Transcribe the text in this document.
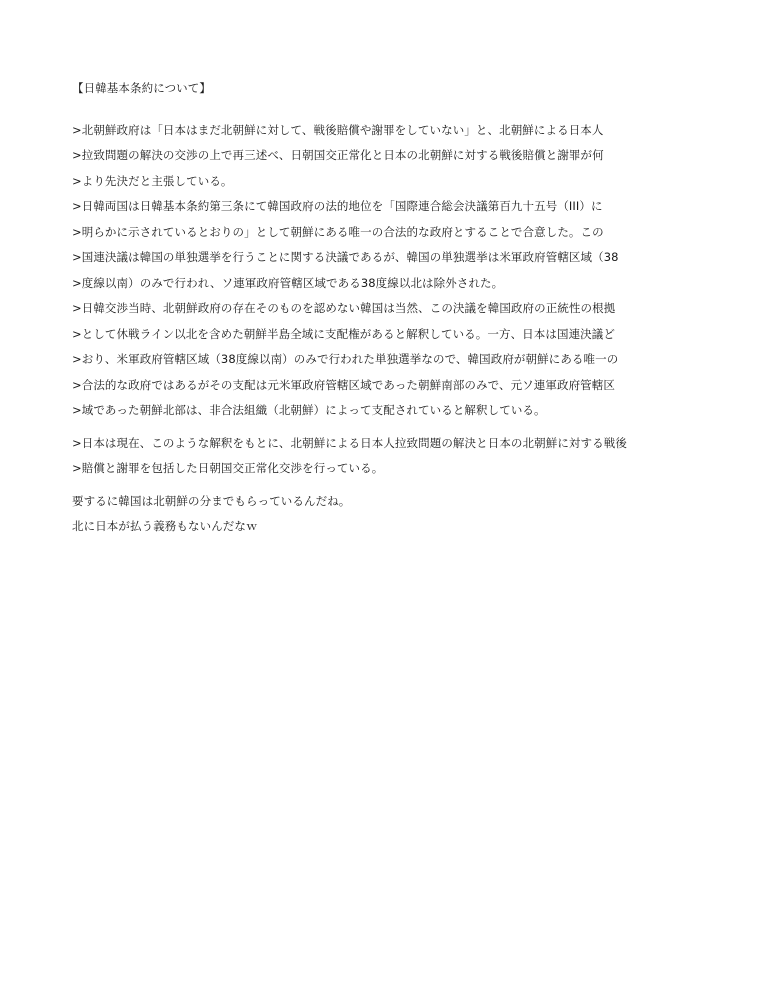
【日韓基本条約について】
>北朝鮮政府は「日本はまだ北朝鮮に対して、戦後賠償や謝罪をしていない」と、北朝鮮による日本人
>拉致問題の解決の交渉の上で再三述べ、日朝国交正常化と日本の北朝鮮に対する戦後賠償と謝罪が何
>より先決だと主張している。
>日韓両国は日韓基本条約第三条にて韓国政府の法的地位を「国際連合総会決議第百九十五号（III）に
>明らかに示されているとおりの」として朝鮮にある唯一の合法的な政府とすることで合意した。この
>国連決議は韓国の単独選挙を行うことに関する決議であるが、韓国の単独選挙は米軍政府管轄区域（38
>度線以南）のみで行われ、ソ連軍政府管轄区域である38度線以北は除外された。
>日韓交渉当時、北朝鮮政府の存在そのものを認めない韓国は当然、この決議を韓国政府の正統性の根拠
>として休戦ライン以北を含めた朝鮮半島全域に支配権があると解釈している。一方、日本は国連決議ど
>おり、米軍政府管轄区域（38度線以南）のみで行われた単独選挙なので、韓国政府が朝鮮にある唯一の
>合法的な政府ではあるがその支配は元米軍政府管轄区域であった朝鮮南部のみで、元ソ連軍政府管轄区
>域であった朝鮮北部は、非合法組織（北朝鮮）によって支配されていると解釈している。
>日本は現在、このような解釈をもとに、北朝鮮による日本人拉致問題の解決と日本の北朝鮮に対する戦後
>賠償と謝罪を包括した日朝国交正常化交渉を行っている。
要するに韓国は北朝鮮の分までもらっているんだね。
北に日本が払う義務もないんだなｗ
